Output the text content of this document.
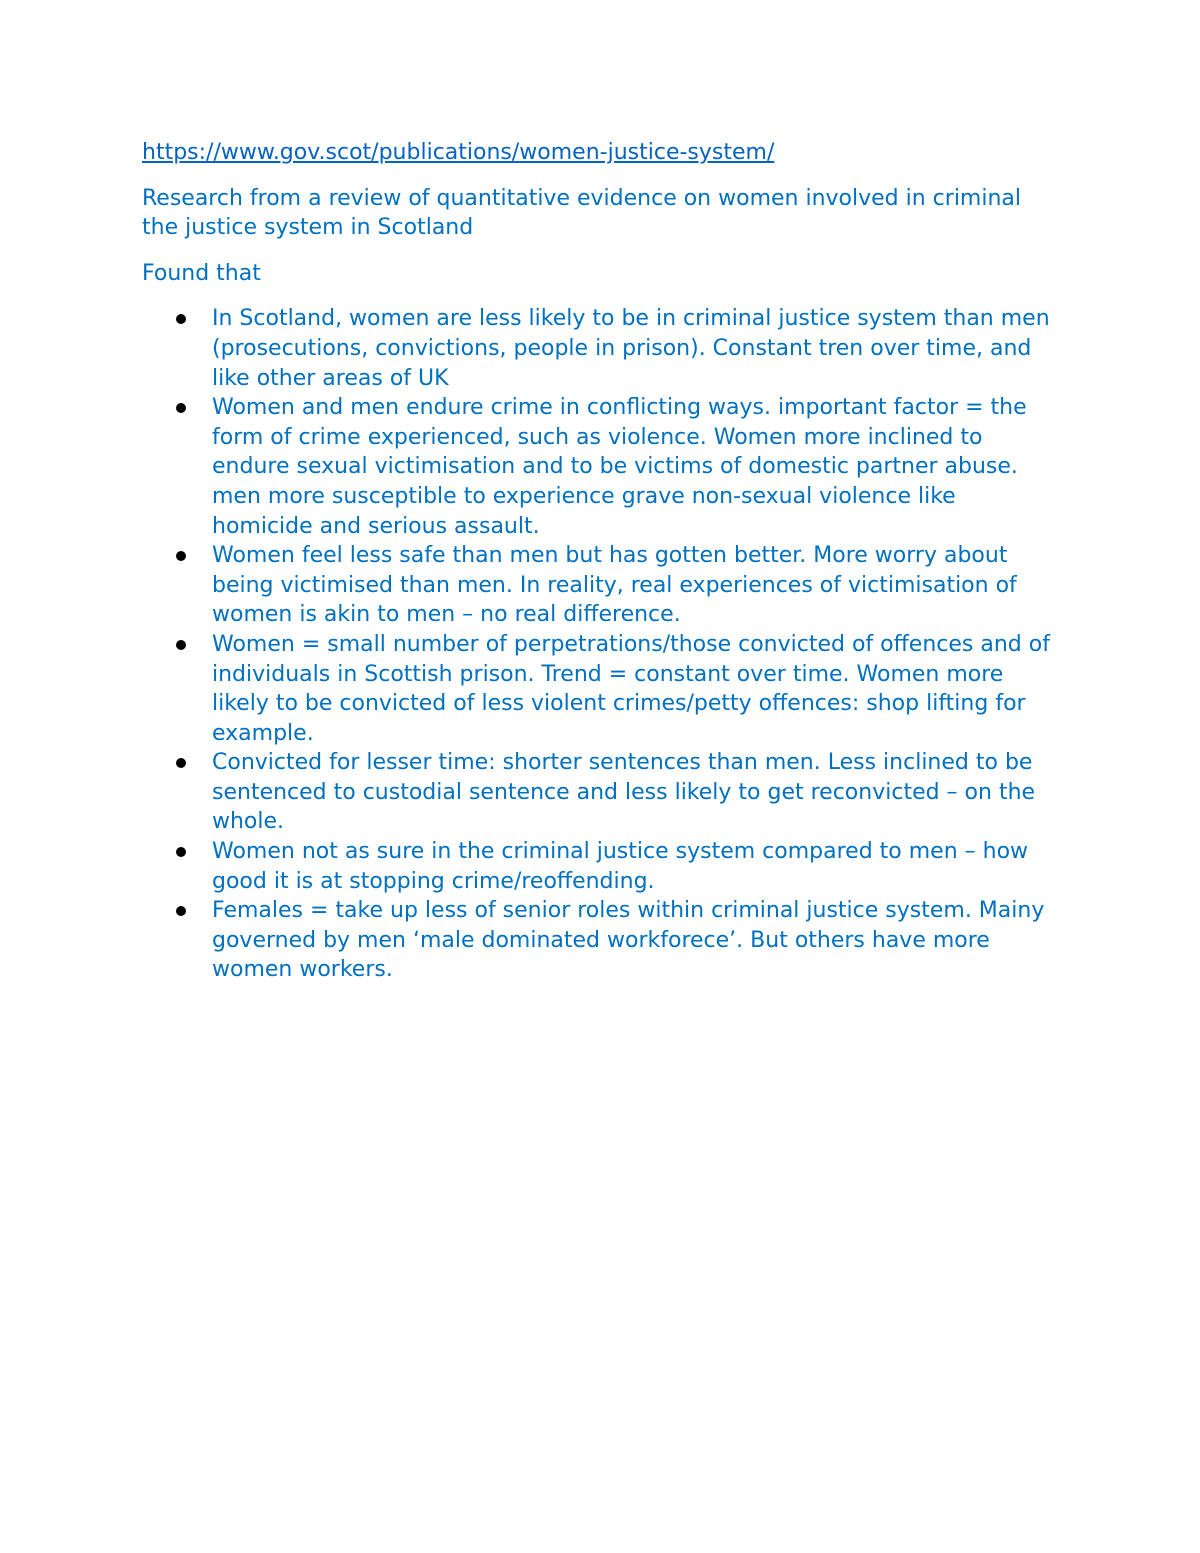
https://www.gov.scot/publications/women-justice-system/

Research from a review of quantitative evidence on women involved in criminal the justice system in Scotland

Found that

In Scotland, women are less likely to be in criminal justice system than men (prosecutions, convictions, people in prison). Constant tren over time, and like other areas of UK
Women and men endure crime in conflicting ways. important factor = the form of crime experienced, such as violence. Women more inclined to endure sexual victimisation and to be victims of domestic partner abuse. men more susceptible to experience grave non-sexual violence like homicide and serious assault.
Women feel less safe than men but has gotten better. More worry about being victimised than men. In reality, real experiences of victimisation of women is akin to men – no real difference.
Women = small number of perpetrations/those convicted of offences and of individuals in Scottish prison. Trend = constant over time. Women more likely to be convicted of less violent crimes/petty offences: shop lifting for example.
Convicted for lesser time: shorter sentences than men. Less inclined to be sentenced to custodial sentence and less likely to get reconvicted – on the whole.
Women not as sure in the criminal justice system compared to men – how good it is at stopping crime/reoffending.
Females = take up less of senior roles within criminal justice system. Mainy governed by men ‘male dominated workforece’. But others have more women workers.
